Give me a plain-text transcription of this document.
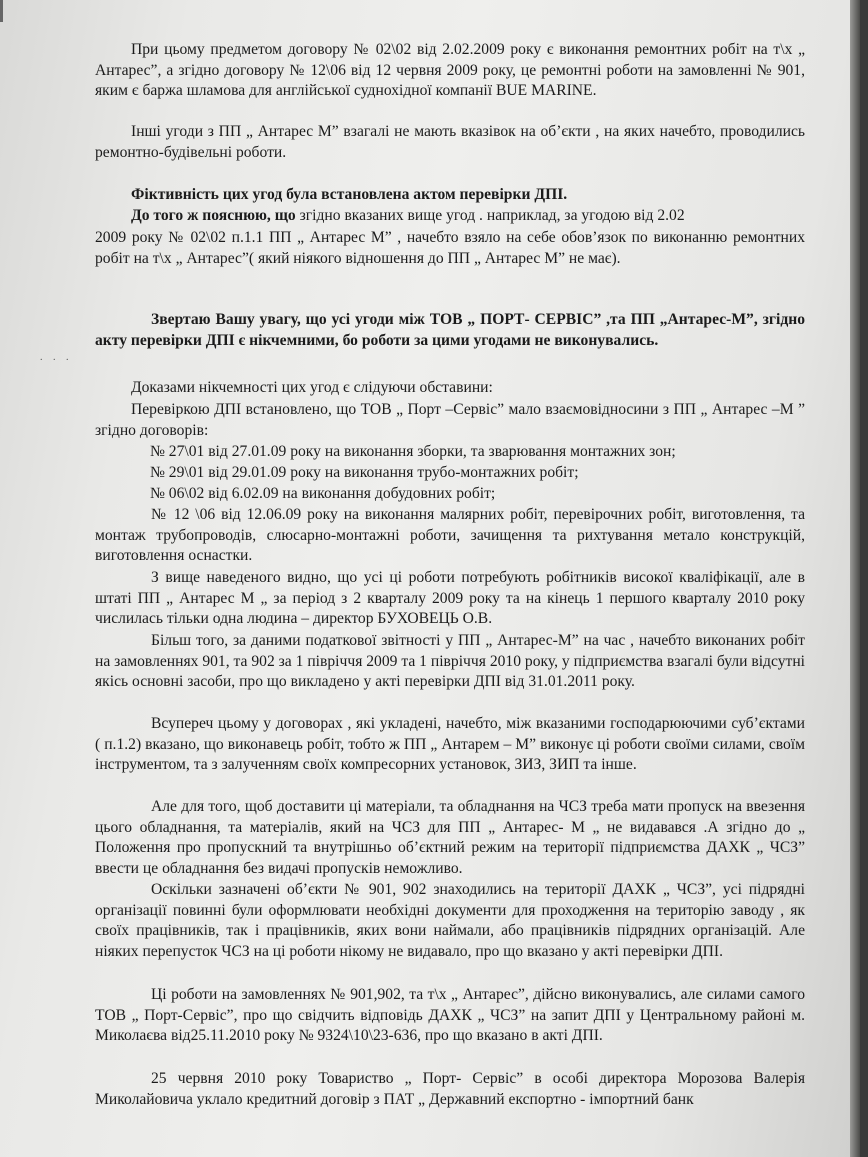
. . .

При цьому предметом договору № 02\02 від 2.02.2009 року є виконання ремонтних робіт на т\х „ Антарес”, а згідно договору № 12\06 від 12 червня 2009 року, це ремонтні роботи на замовленні № 901, яким є баржа шламова для англійської суднохідної компанії BUE MARINE.

Інші угоди з ПП „ Антарес М” взагалі не мають вказівок на об’єкти , на яких начебто, проводились ремонтно-будівельні роботи.

Фіктивність цих угод була встановлена актом перевірки ДПІ.

До того ж пояснюю, що згідно вказаних вище угод . наприклад, за угодою від 2.02

2009 року № 02\02 п.1.1 ПП „ Антарес М” , начебто взяло на себе обов’язок по виконанню ремонтних робіт на т\х „ Антарес”( який ніякого відношення до ПП „ Антарес М” не має).

Звертаю Вашу увагу, що усі угоди між ТОВ „ ПОРТ- СЕРВІС” ,та ПП „Антарес-М”, згідно акту перевірки ДПІ є нікчемними, бо роботи за цими угодами не виконувались.

Доказами нікчемності цих угод є слідуючи обставини:

Перевіркою ДПІ встановлено, що ТОВ „ Порт –Сервіс” мало взаємовідносини з ПП „ Антарес –М ” згідно договорів:

№ 27\01 від 27.01.09 року на виконання зборки, та зварювання монтажних зон;

№ 29\01 від 29.01.09 року на виконання трубо-монтажних робіт;

№ 06\02 від 6.02.09 на виконання добудовних робіт;

№ 12 \06 від 12.06.09 року на виконання малярних робіт, перевірочних робіт, виготовлення, та монтаж трубопроводів, слюсарно-монтажні роботи, зачищення та рихтування метало конструкцій, виготовлення оснастки.

З вище наведеного видно, що усі ці роботи потребують робітників високої кваліфікації, але в штаті ПП „ Антарес М „ за період з 2 кварталу 2009 року та на кінець 1 першого кварталу 2010 року числилась тільки одна людина – директор БУХОВЕЦЬ О.В.

Більш того, за даними податкової звітності у ПП „ Антарес-М” на час , начебто виконаних робіт на замовленнях 901, та 902 за 1 півріччя 2009 та 1 півріччя 2010 року, у підприємства взагалі були відсутні якісь основні засоби, про що викладено у акті перевірки ДПІ від 31.01.2011 року.

Всупереч цьому у договорах , які укладені, начебто, між вказаними господарюючими суб’єктами ( п.1.2) вказано, що виконавець робіт, тобто ж ПП „ Антарем – М” виконує ці роботи своїми силами, своїм інструментом, та з залученням своїх компресорних установок, ЗИЗ, ЗИП та інше.

Але для того, щоб доставити ці матеріали, та обладнання на ЧСЗ треба мати пропуск на ввезення цього обладнання, та матеріалів, який на ЧСЗ для ПП „ Антарес- М „ не видавався .А згідно до „ Положення про пропускний та внутрішньо об’єктний режим на території підприємства ДАХК „ ЧСЗ” ввести це обладнання без видачі пропусків неможливо.

Оскільки зазначені об’єкти № 901, 902 знаходились на території ДАХК „ ЧСЗ”, усі підрядні організації повинні були оформлювати необхідні документи для проходження на територію заводу , як своїх працівників, так і працівників, яких вони наймали, або працівників підрядних організацій. Але ніяких перепусток ЧСЗ на ці роботи нікому не видавало, про що вказано у акті перевірки ДПІ.

Ці роботи на замовленнях № 901,902, та т\х „ Антарес”, дійсно виконувались, але силами самого ТОВ „ Порт-Сервіс”, про що свідчить відповідь ДАХК „ ЧСЗ” на запит ДПІ у Центральному районі м. Миколаєва від25.11.2010 року № 9324\10\23-636, про що вказано в акті ДПІ.

25 червня 2010 року Товариство „ Порт- Сервіс” в особі директора Морозова Валерія Миколайовича уклало кредитний договір з ПАТ „ Державний експортно - імпортний банк
